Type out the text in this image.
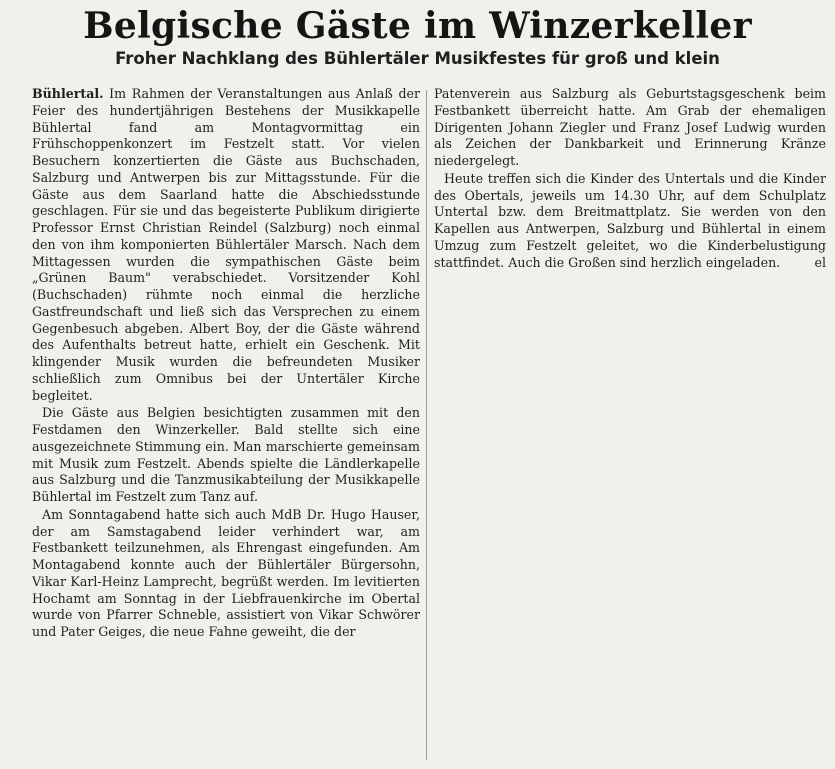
Belgische Gäste im Winzerkeller
Froher Nachklang des Bühlertäler Musikfestes für groß und klein

Bühlertal. Im Rahmen der Veranstaltungen aus Anlaß der Feier des hundertjährigen Bestehens der Musikkapelle Bühlertal fand am Montagvormittag ein Frühschoppenkonzert im Festzelt statt. Vor vielen Besuchern konzertierten die Gäste aus Buchschaden, Salzburg und Antwerpen bis zur Mittagsstunde. Für die Gäste aus dem Saarland hatte die Abschiedsstunde geschlagen. Für sie und das begeisterte Publikum dirigierte Professor Ernst Christian Reindel (Salzburg) noch einmal den von ihm komponierten Bühlertäler Marsch. Nach dem Mittagessen wurden die sympathischen Gäste beim „Grünen Baum" verabschiedet. Vorsitzender Kohl (Buchschaden) rühmte noch einmal die herzliche Gastfreundschaft und ließ sich das Versprechen zu einem Gegenbesuch abgeben. Albert Boy, der die Gäste während des Aufenthalts betreut hatte, erhielt ein Geschenk. Mit klingender Musik wurden die befreundeten Musiker schließlich zum Omnibus bei der Untertäler Kirche begleitet.

Die Gäste aus Belgien besichtigten zusammen mit den Festdamen den Winzerkeller. Bald stellte sich eine ausgezeichnete Stimmung ein. Man marschierte gemeinsam mit Musik zum Festzelt. Abends spielte die Ländlerkapelle aus Salzburg und die Tanzmusikabteilung der Musikkapelle Bühlertal im Festzelt zum Tanz auf.

Am Sonntagabend hatte sich auch MdB Dr. Hugo Hauser, der am Samstagabend leider verhindert war, am Festbankett teilzunehmen, als Ehrengast eingefunden. Am Montagabend konnte auch der Bühlertäler Bürgersohn, Vikar Karl-Heinz Lamprecht, begrüßt werden. Im levitierten Hochamt am Sonntag in der Liebfrauenkirche im Obertal wurde von Pfarrer Schneble, assistiert von Vikar Schwörer und Pater Geiges, die neue Fahne geweiht, die der

Patenverein aus Salzburg als Geburtstagsgeschenk beim Festbankett überreicht hatte. Am Grab der ehemaligen Dirigenten Johann Ziegler und Franz Josef Ludwig wurden als Zeichen der Dankbarkeit und Erinnerung Kränze niedergelegt.

Heute treffen sich die Kinder des Untertals und die Kinder des Obertals, jeweils um 14.30 Uhr, auf dem Schulplatz Untertal bzw. dem Breitmattplatz. Sie werden von den Kapellen aus Antwerpen, Salzburg und Bühlertal in einem Umzug zum Festzelt geleitet, wo die Kinderbelustigung stattfindet. Auch die Großen sind herzlich eingeladen.	el
